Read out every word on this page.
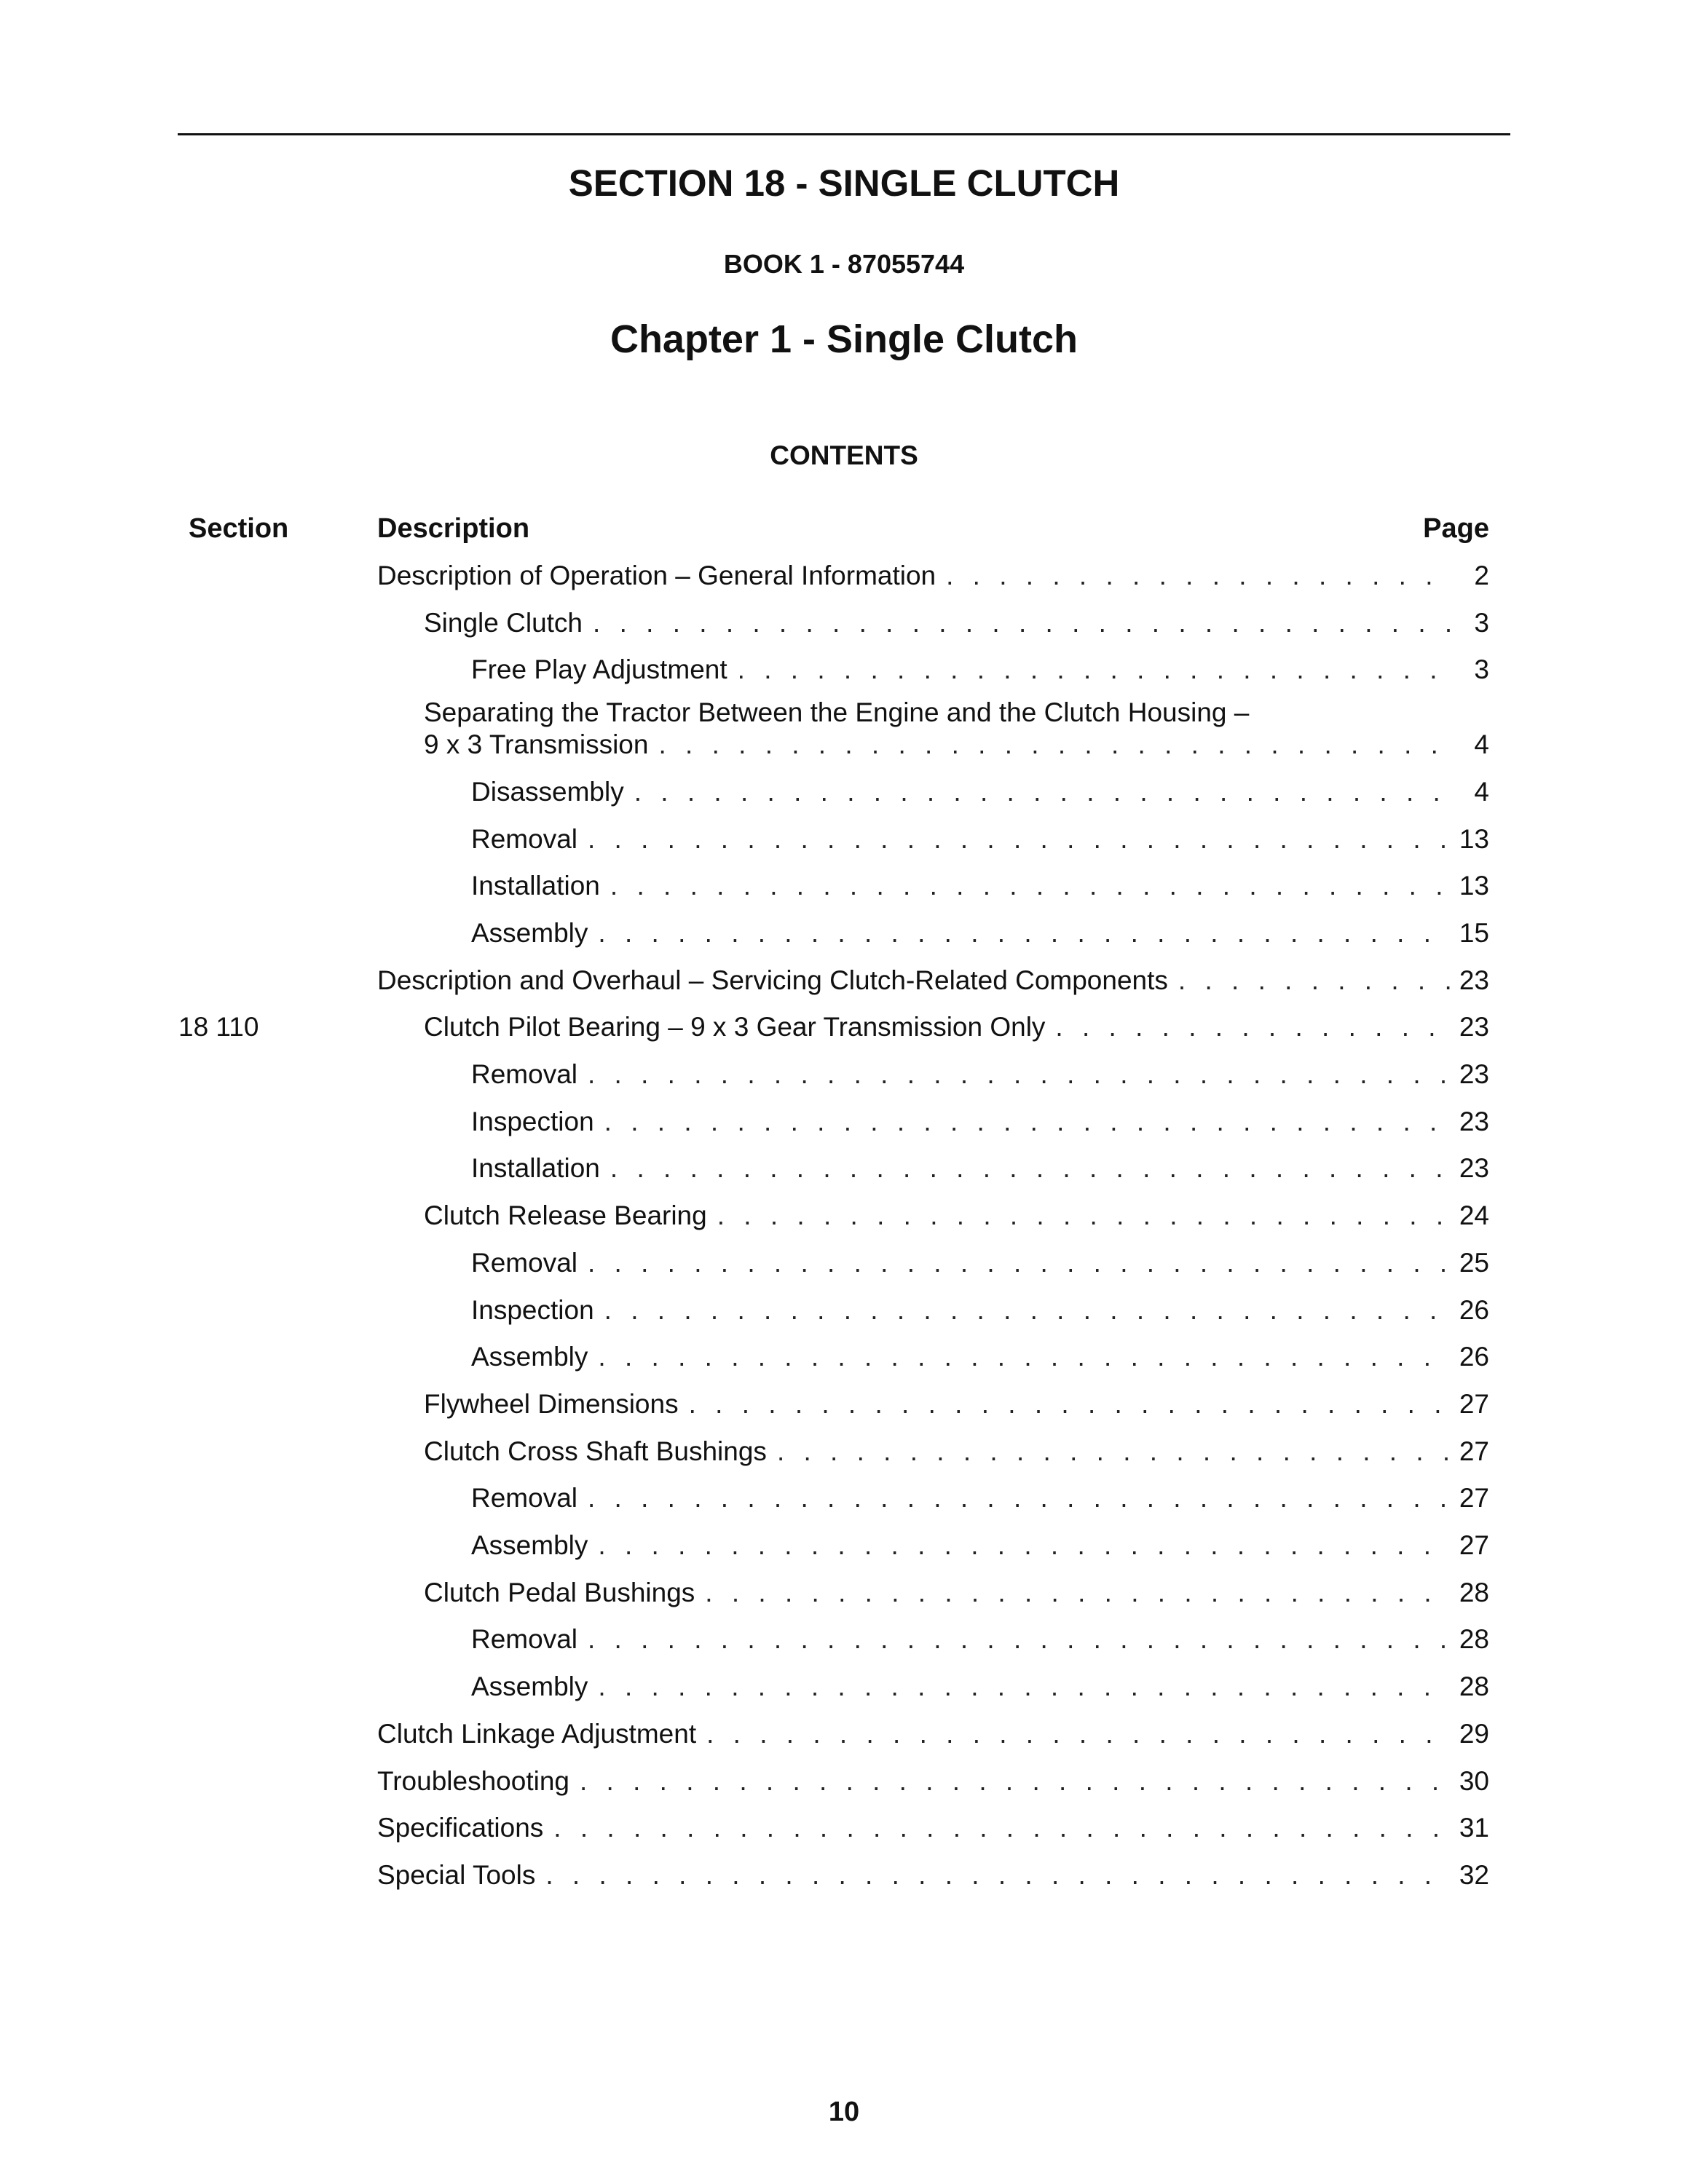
SECTION 18 - SINGLE CLUTCH
BOOK 1 - 87055744
Chapter 1 - Single Clutch
CONTENTS
Section	Description	Page
Description of Operation – General Information . . .	2
Single Clutch . . .	3
Free Play Adjustment . . .	3
Separating the Tractor Between the Engine and the Clutch Housing –
9 x 3 Transmission . . .	4
Disassembly . . .	4
Removal . . .	13
Installation . . .	13
Assembly . . .	15
Description and Overhaul – Servicing Clutch-Related Components . . .	23
18 110	Clutch Pilot Bearing – 9 x 3 Gear Transmission Only . . .	23
Removal . . .	23
Inspection . . .	23
Installation . . .	23
Clutch Release Bearing . . .	24
Removal . . .	25
Inspection . . .	26
Assembly . . .	26
Flywheel Dimensions . . .	27
Clutch Cross Shaft Bushings . . .	27
Removal . . .	27
Assembly . . .	27
Clutch Pedal Bushings . . .	28
Removal . . .	28
Assembly . . .	28
Clutch Linkage Adjustment . . .	29
Troubleshooting . . .	30
Specifications . . .	31
Special Tools . . .	32
10
